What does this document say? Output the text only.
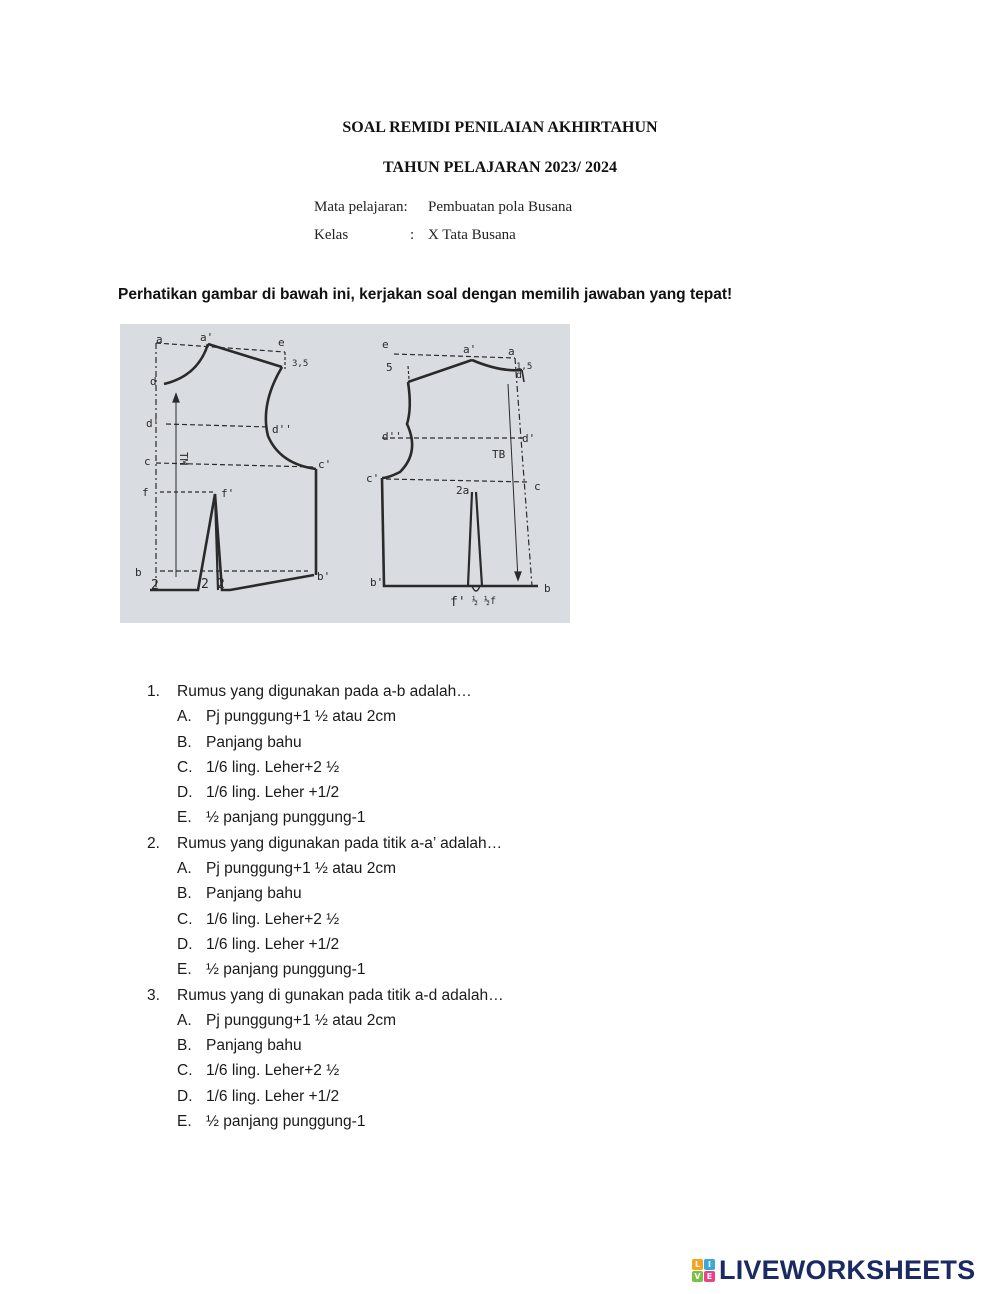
SOAL REMIDI PENILAIAN AKHIRTAHUN
TAHUN PELAJARAN 2023/ 2024
Mata pelajaran: Pembuatan pola Busana
Kelas	: X Tata Busana
Perhatikan gambar di bawah ini, kerjakan soal dengan memilih jawaban yang tepat!
a	a'	e
3,5
d
d'	d''
c	c'
f	f'
TM
b	b'
2	2 2
e	a'	a
5	1,5
d
d''	d'
TB
c'
c
2a
b'	b
f' ½ ½f
1. Rumus yang digunakan pada a-b adalah…
A. Pj punggung+1 ½ atau 2cm
B. Panjang bahu
C. 1/6 ling. Leher+2 ½
D. 1/6 ling. Leher +1/2
E. ½ panjang punggung-1
2. Rumus yang digunakan pada titik a-a’ adalah…
A. Pj punggung+1 ½ atau 2cm
B. Panjang bahu
C. 1/6 ling. Leher+2 ½
D. 1/6 ling. Leher +1/2
E. ½ panjang punggung-1
3. Rumus yang di gunakan pada titik a-d adalah…
A. Pj punggung+1 ½ atau 2cm
B. Panjang bahu
C. 1/6 ling. Leher+2 ½
D. 1/6 ling. Leher +1/2
E. ½ panjang punggung-1
L I
V E LIVEWORKSHEETS
